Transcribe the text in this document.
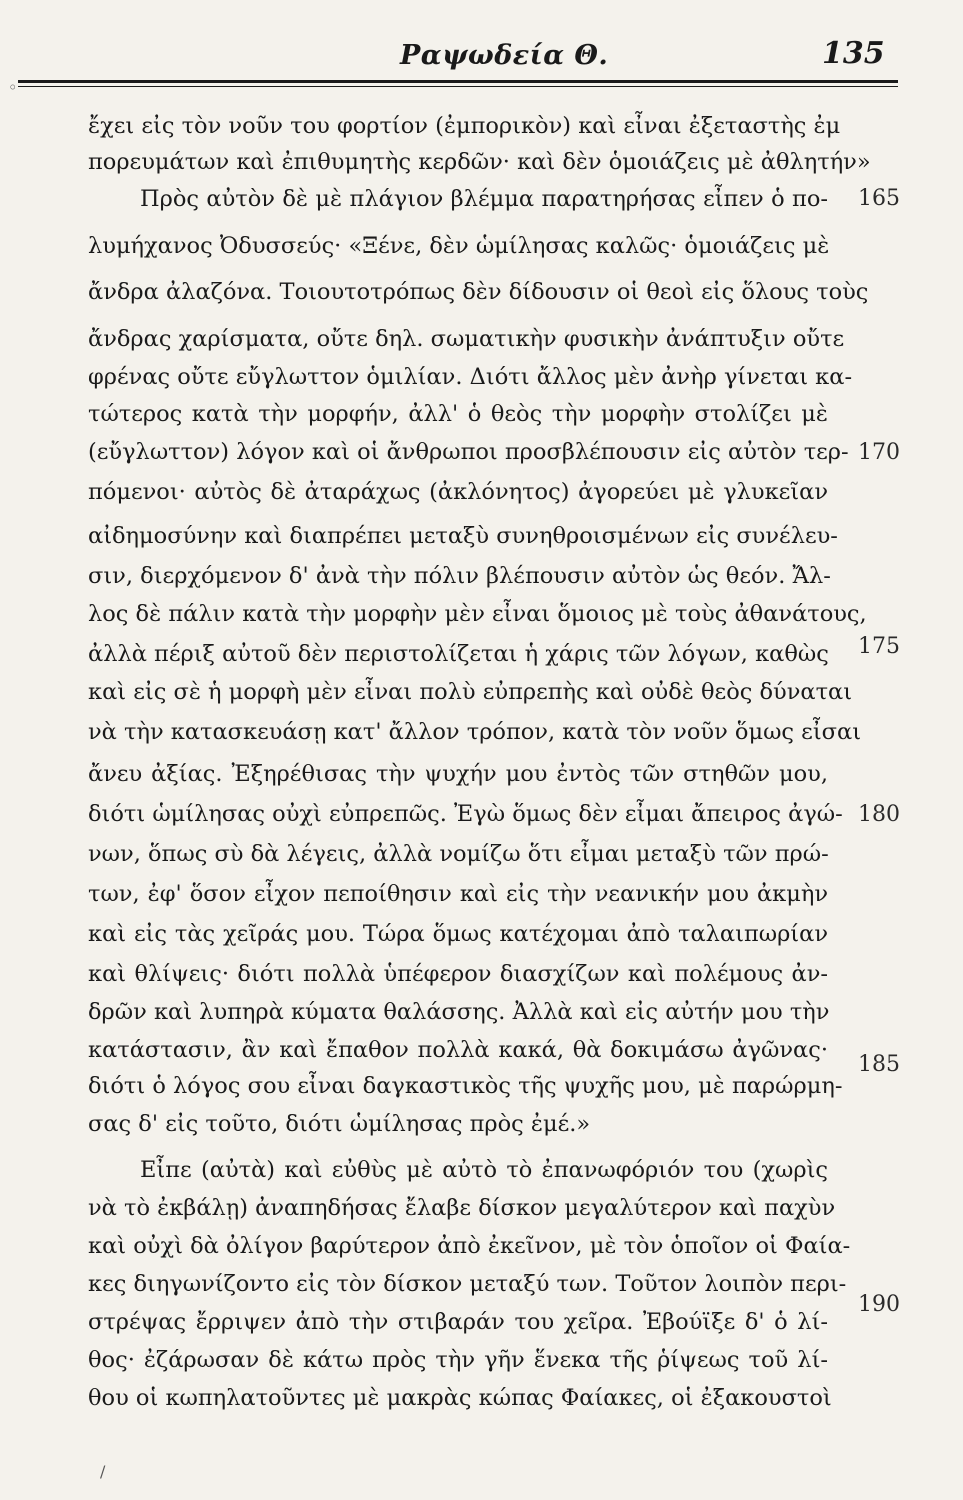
Ραψωδεία Θ.	135
◦
ἔχει εἰς τὸν νοῦν του φορτίον (ἐμπορικὸν) καὶ εἶναι ἐξεταστὴς ἐμ
πορευμάτων καὶ ἐπιθυμητὴς κερδῶν· καὶ δὲν ὁμοιάζεις μὲ ἀθλητήν»
Πρὸς αὐτὸν δὲ μὲ πλάγιον βλέμμα παρατηρήσας εἶπεν ὁ πο-
λυμήχανος Ὀδυσσεύς· «Ξένε, δὲν ὡμίλησας καλῶς· ὁμοιάζεις μὲ
ἄνδρα ἀλαζόνα. Τοιουτοτρόπως δὲν δίδουσιν οἱ θεοὶ εἰς ὅλους τοὺς
ἄνδρας χαρίσματα, οὔτε δηλ. σωματικὴν φυσικὴν ἀνάπτυξιν οὔτε
φρένας οὔτε εὔγλωττον ὁμιλίαν. Διότι ἄλλος μὲν ἀνὴρ γίνεται κα-
τώτερος κατὰ τὴν μορφήν, ἀλλ' ὁ θεὸς τὴν μορφὴν στολίζει μὲ
(εὔγλωττον) λόγον καὶ οἱ ἄνθρωποι προσβλέπουσιν εἰς αὐτὸν τερ-
πόμενοι· αὐτὸς δὲ ἀταράχως (ἀκλόνητος) ἀγορεύει μὲ γλυκεῖαν
αἰδημοσύνην καὶ διαπρέπει μεταξὺ συνηθροισμένων εἰς συνέλευ-
σιν, διερχόμενον δ' ἀνὰ τὴν πόλιν βλέπουσιν αὐτὸν ὡς θεόν. Ἄλ-
λος δὲ πάλιν κατὰ τὴν μορφὴν μὲν εἶναι ὅμοιος μὲ τοὺς ἀθανάτους,
ἀλλὰ πέριξ αὐτοῦ δὲν περιστολίζεται ἡ χάρις τῶν λόγων, καθὼς
καὶ εἰς σὲ ἡ μορφὴ μὲν εἶναι πολὺ εὐπρεπὴς καὶ οὐδὲ θεὸς δύναται
νὰ τὴν κατασκευάσῃ κατ' ἄλλον τρόπον, κατὰ τὸν νοῦν ὅμως εἶσαι
ἄνευ ἀξίας. Ἐξηρέθισας τὴν ψυχήν μου ἐντὸς τῶν στηθῶν μου,
διότι ὡμίλησας οὐχὶ εὐπρεπῶς. Ἐγὼ ὅμως δὲν εἶμαι ἄπειρος ἀγώ-
νων, ὅπως σὺ δὰ λέγεις, ἀλλὰ νομίζω ὅτι εἶμαι μεταξὺ τῶν πρώ-
των, ἐφ' ὅσον εἶχον πεποίθησιν καὶ εἰς τὴν νεανικήν μου ἀκμὴν
καὶ εἰς τὰς χεῖράς μου. Τώρα ὅμως κατέχομαι ἀπὸ ταλαιπωρίαν
καὶ θλίψεις· διότι πολλὰ ὑπέφερον διασχίζων καὶ πολέμους ἀν-
δρῶν καὶ λυπηρὰ κύματα θαλάσσης. Ἀλλὰ καὶ εἰς αὐτήν μου τὴν
κατάστασιν, ἂν καὶ ἔπαθον πολλὰ κακά, θὰ δοκιμάσω ἀγῶνας·
διότι ὁ λόγος σου εἶναι δαγκαστικὸς τῆς ψυχῆς μου, μὲ παρώρμη-
σας δ' εἰς τοῦτο, διότι ὡμίλησας πρὸς ἐμέ.»
Εἶπε (αὐτὰ) καὶ εὐθὺς μὲ αὐτὸ τὸ ἐπανωφόριόν του (χωρὶς
νὰ τὸ ἐκβάλῃ) ἀναπηδήσας ἔλαβε δίσκον μεγαλύτερον καὶ παχὺν
καὶ οὐχὶ δὰ ὀλίγον βαρύτερον ἀπὸ ἐκεῖνον, μὲ τὸν ὁποῖον οἱ Φαία-
κες διηγωνίζοντο εἰς τὸν δίσκον μεταξύ των. Τοῦτον λοιπὸν περι-
στρέψας ἔρριψεν ἀπὸ τὴν στιβαράν του χεῖρα. Ἐβούϊξε δ' ὁ λί-
θος· ἐζάρωσαν δὲ κάτω πρὸς τὴν γῆν ἕνεκα τῆς ῥίψεως τοῦ λί-
θου οἱ κωπηλατοῦντες μὲ μακρὰς κώπας Φαίακες, οἱ ἐξακουστοὶ
165
170
175
180
185
190
/
